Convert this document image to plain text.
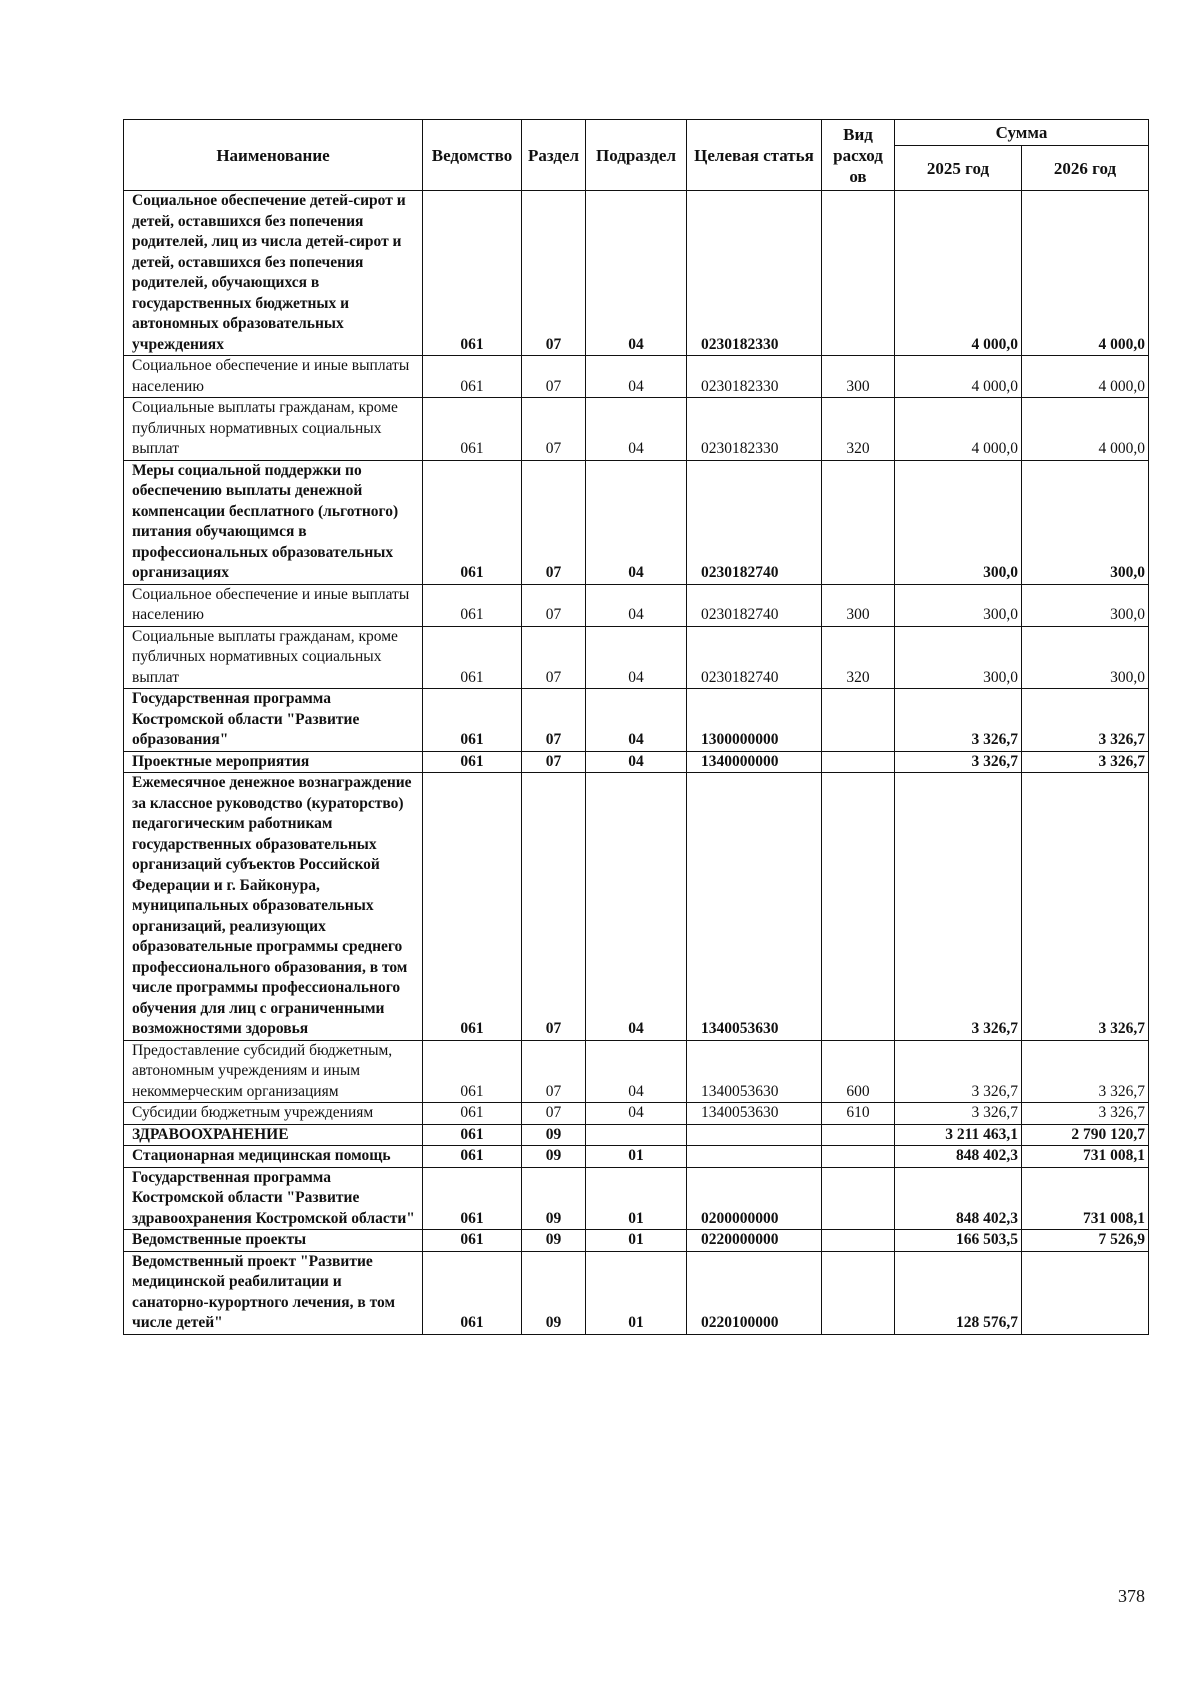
Наименование	Ведомство	Раздел	Подраздел	Целевая статья	Вид расход ов	Сумма	
						2025 год	2026 год
Социальное обеспечение детей-сирот и детей, оставшихся без попечения родителей, лиц из числа детей-сирот и детей, оставшихся без попечения родителей, обучающихся в государственных бюджетных и автономных образовательных учреждениях	061	07	04	0230182330		4 000,0	4 000,0
Социальное обеспечение и иные выплаты населению	061	07	04	0230182330	300	4 000,0	4 000,0
Социальные выплаты гражданам, кроме публичных нормативных социальных выплат	061	07	04	0230182330	320	4 000,0	4 000,0
Меры социальной поддержки по обеспечению выплаты денежной компенсации бесплатного (льготного) питания обучающимся в профессиональных образовательных организациях	061	07	04	0230182740		300,0	300,0
Социальное обеспечение и иные выплаты населению	061	07	04	0230182740	300	300,0	300,0
Социальные выплаты гражданам, кроме публичных нормативных социальных выплат	061	07	04	0230182740	320	300,0	300,0
Государственная программа Костромской области "Развитие образования"	061	07	04	1300000000		3 326,7	3 326,7
Проектные мероприятия	061	07	04	1340000000		3 326,7	3 326,7
Ежемесячное денежное вознаграждение за классное руководство (кураторство) педагогическим работникам государственных образовательных организаций субъектов Российской Федерации и г. Байконура, муниципальных образовательных организаций, реализующих образовательные программы среднего профессионального образования, в том числе программы профессионального обучения для лиц с ограниченными возможностями здоровья	061	07	04	1340053630		3 326,7	3 326,7
Предоставление субсидий бюджетным, автономным учреждениям и иным некоммерческим организациям	061	07	04	1340053630	600	3 326,7	3 326,7
Субсидии бюджетным учреждениям	061	07	04	1340053630	610	3 326,7	3 326,7
ЗДРАВООХРАНЕНИЕ	061	09				3 211 463,1	2 790 120,7
Стационарная медицинская помощь	061	09	01			848 402,3	731 008,1
Государственная программа Костромской области "Развитие здравоохранения Костромской области"	061	09	01	0200000000		848 402,3	731 008,1
Ведомственные проекты	061	09	01	0220000000		166 503,5	7 526,9
Ведомственный проект "Развитие медицинской реабилитации и санаторно-курортного лечения, в том числе детей"	061	09	01	0220100000		128 576,7	
378
